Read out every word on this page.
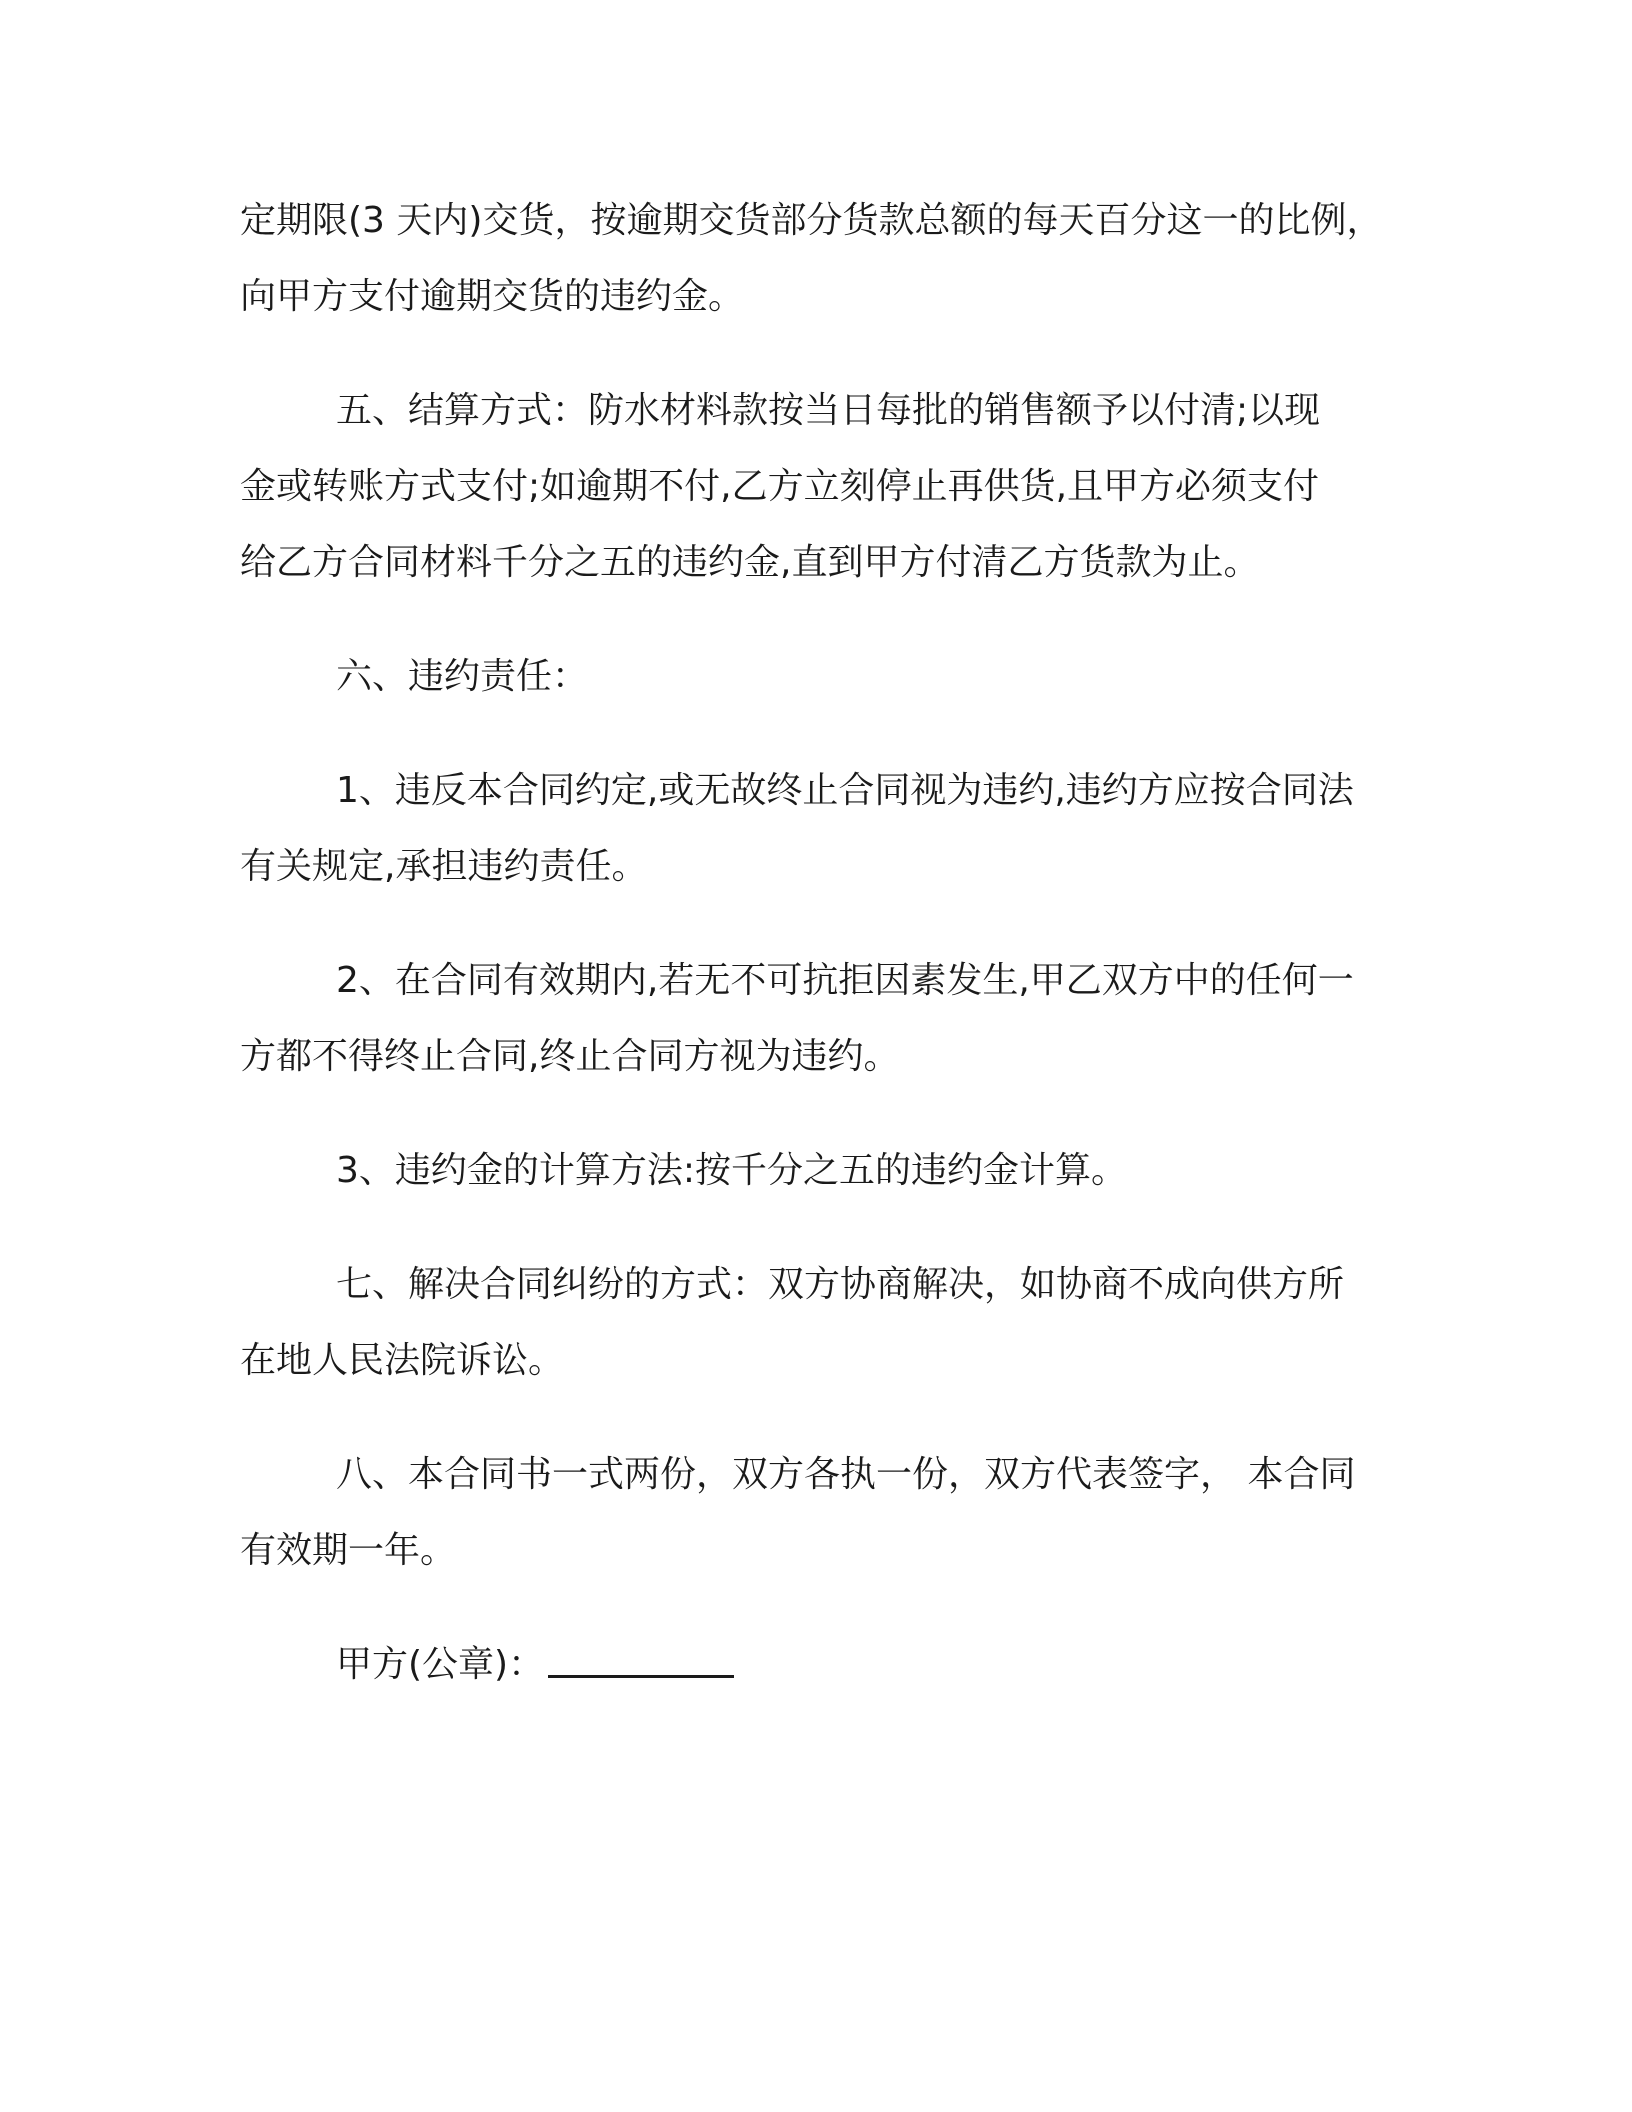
定期限(3 天内)交货，按逾期交货部分货款总额的每天百分这一的比例，
向甲方支付逾期交货的违约金。
五、结算方式：防水材料款按当日每批的销售额予以付清;以现
金或转账方式支付;如逾期不付,乙方立刻停止再供货,且甲方必须支付
给乙方合同材料千分之五的违约金,直到甲方付清乙方货款为止。
六、违约责任：
1、违反本合同约定,或无故终止合同视为违约,违约方应按合同法
有关规定,承担违约责任。
2、在合同有效期内,若无不可抗拒因素发生,甲乙双方中的任何一
方都不得终止合同,终止合同方视为违约。
3、违约金的计算方法:按千分之五的违约金计算。
七、解决合同纠纷的方式：双方协商解决，如协商不成向供方所
在地人民法院诉讼。
八、本合同书一式两份，双方各执一份，双方代表签字， 本合同
有效期一年。
甲方(公章)：
